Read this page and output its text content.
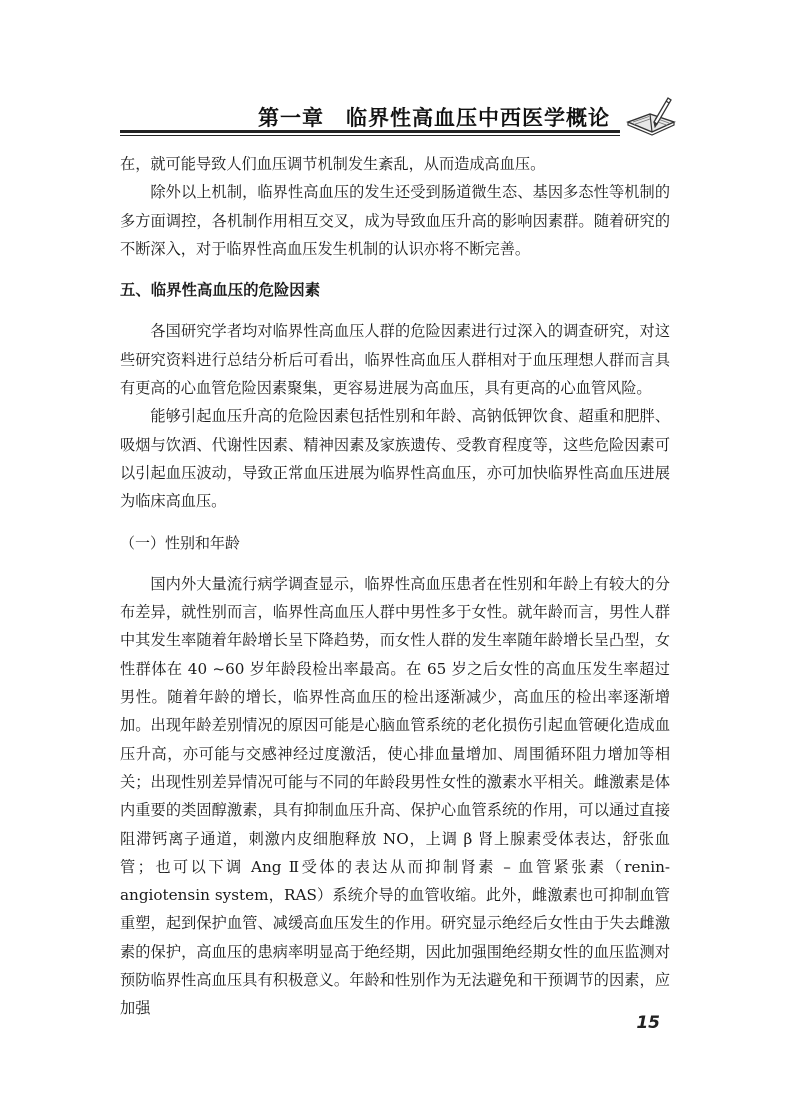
第一章　临界性高血压中西医学概论

在，就可能导致人们血压调节机制发生紊乱，从而造成高血压。

除外以上机制，临界性高血压的发生还受到肠道微生态、基因多态性等机制的多方面调控，各机制作用相互交叉，成为导致血压升高的影响因素群。随着研究的不断深入，对于临界性高血压发生机制的认识亦将不断完善。

五、临界性高血压的危险因素

各国研究学者均对临界性高血压人群的危险因素进行过深入的调查研究，对这些研究资料进行总结分析后可看出，临界性高血压人群相对于血压理想人群而言具有更高的心血管危险因素聚集，更容易进展为高血压，具有更高的心血管风险。

能够引起血压升高的危险因素包括性别和年龄、高钠低钾饮食、超重和肥胖、吸烟与饮酒、代谢性因素、精神因素及家族遗传、受教育程度等，这些危险因素可以引起血压波动，导致正常血压进展为临界性高血压，亦可加快临界性高血压进展为临床高血压。

（一）性别和年龄

国内外大量流行病学调查显示，临界性高血压患者在性别和年龄上有较大的分布差异，就性别而言，临界性高血压人群中男性多于女性。就年龄而言，男性人群中其发生率随着年龄增长呈下降趋势，而女性人群的发生率随年龄增长呈凸型，女性群体在 40 ~60 岁年龄段检出率最高。在 65 岁之后女性的高血压发生率超过男性。随着年龄的增长，临界性高血压的检出逐渐减少，高血压的检出率逐渐增加。出现年龄差别情况的原因可能是心脑血管系统的老化损伤引起血管硬化造成血压升高，亦可能与交感神经过度激活，使心排血量增加、周围循环阻力增加等相关；出现性别差异情况可能与不同的年龄段男性女性的激素水平相关。雌激素是体内重要的类固醇激素，具有抑制血压升高、保护心血管系统的作用，可以通过直接阻滞钙离子通道，刺激内皮细胞释放 NO，上调 β 肾上腺素受体表达，舒张血管；也可以下调 Ang Ⅱ受体的表达从而抑制肾素 – 血管紧张素（renin-angiotensin system，RAS）系统介导的血管收缩。此外，雌激素也可抑制血管重塑，起到保护血管、减缓高血压发生的作用。研究显示绝经后女性由于失去雌激素的保护，高血压的患病率明显高于绝经期，因此加强围绝经期女性的血压监测对预防临界性高血压具有积极意义。年龄和性别作为无法避免和干预调节的因素，应加强

15
